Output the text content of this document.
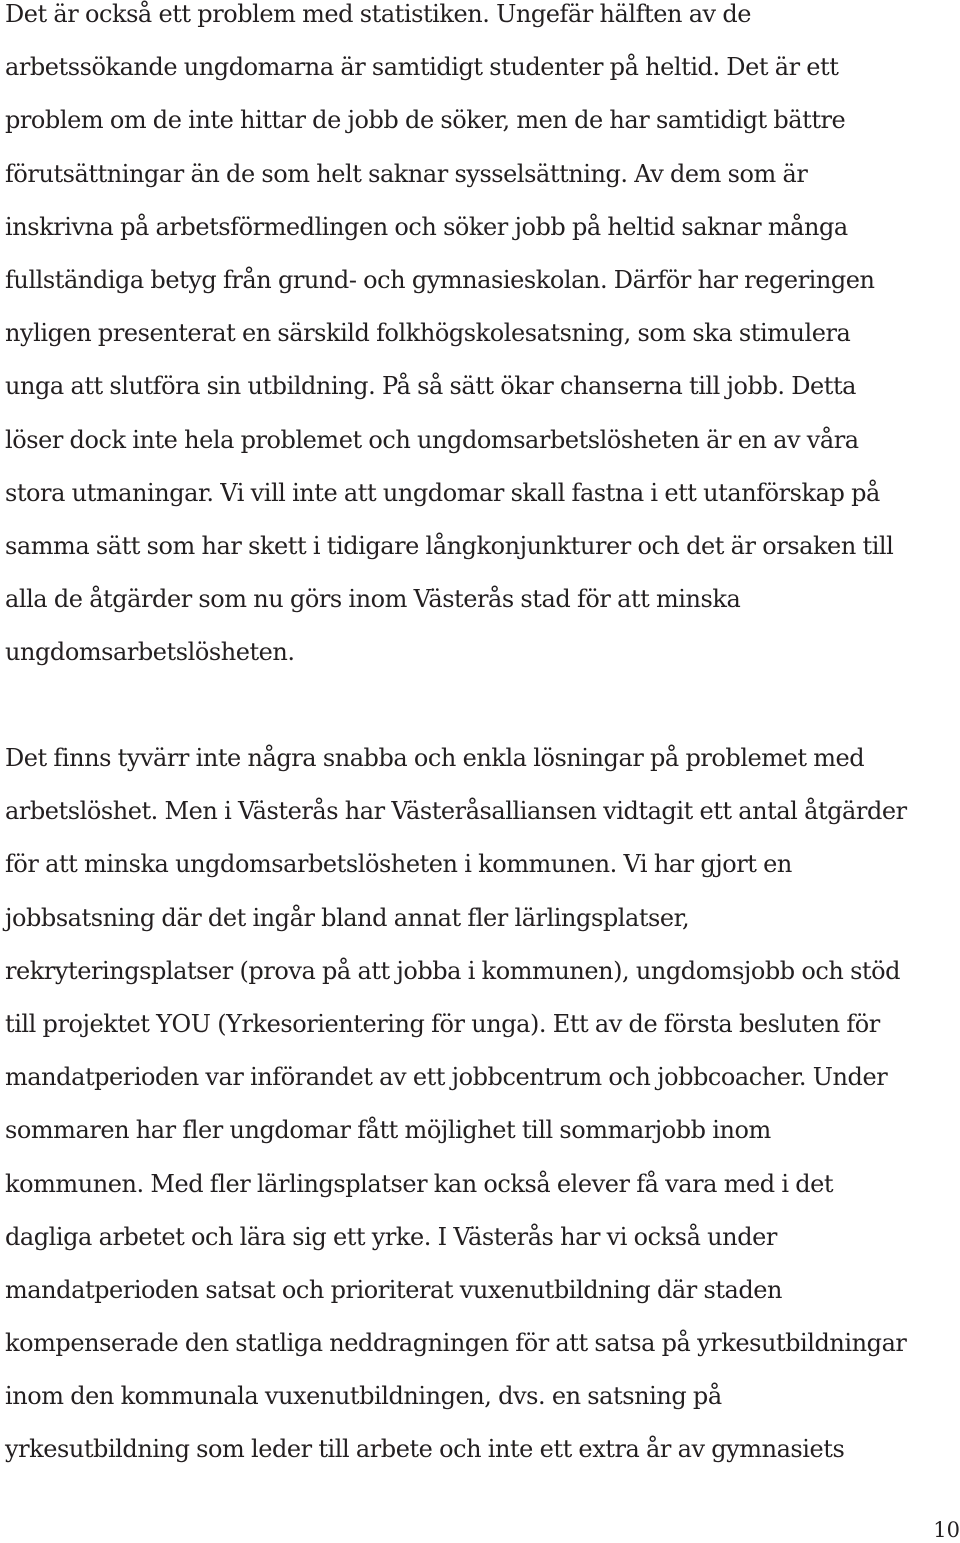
Det är också ett problem med statistiken. Ungefär hälften av de
arbetssökande ungdomarna är samtidigt studenter på heltid. Det är ett
problem om de inte hittar de jobb de söker, men de har samtidigt bättre
förutsättningar än de som helt saknar sysselsättning. Av dem som är
inskrivna på arbetsförmedlingen och söker jobb på heltid saknar många
fullständiga betyg från grund- och gymnasieskolan. Därför har regeringen
nyligen presenterat en särskild folkhögskolesatsning, som ska stimulera
unga att slutföra sin utbildning. På så sätt ökar chanserna till jobb. Detta
löser dock inte hela problemet och ungdomsarbetslösheten är en av våra
stora utmaningar. Vi vill inte att ungdomar skall fastna i ett utanförskap på
samma sätt som har skett i tidigare långkonjunkturer och det är orsaken till
alla de åtgärder som nu görs inom Västerås stad för att minska
ungdomsarbetslösheten.

Det finns tyvärr inte några snabba och enkla lösningar på problemet med
arbetslöshet. Men i Västerås har Västeråsalliansen vidtagit ett antal åtgärder
för att minska ungdomsarbetslösheten i kommunen. Vi har gjort en
jobbsatsning där det ingår bland annat fler lärlingsplatser,
rekryteringsplatser (prova på att jobba i kommunen), ungdomsjobb och stöd
till projektet YOU (Yrkesorientering för unga). Ett av de första besluten för
mandatperioden var införandet av ett jobbcentrum och jobbcoacher. Under
sommaren har fler ungdomar fått möjlighet till sommarjobb inom
kommunen. Med fler lärlingsplatser kan också elever få vara med i det
dagliga arbetet och lära sig ett yrke. I Västerås har vi också under
mandatperioden satsat och prioriterat vuxenutbildning där staden
kompenserade den statliga neddragningen för att satsa på yrkesutbildningar
inom den kommunala vuxenutbildningen, dvs. en satsning på
yrkesutbildning som leder till arbete och inte ett extra år av gymnasiets

10
